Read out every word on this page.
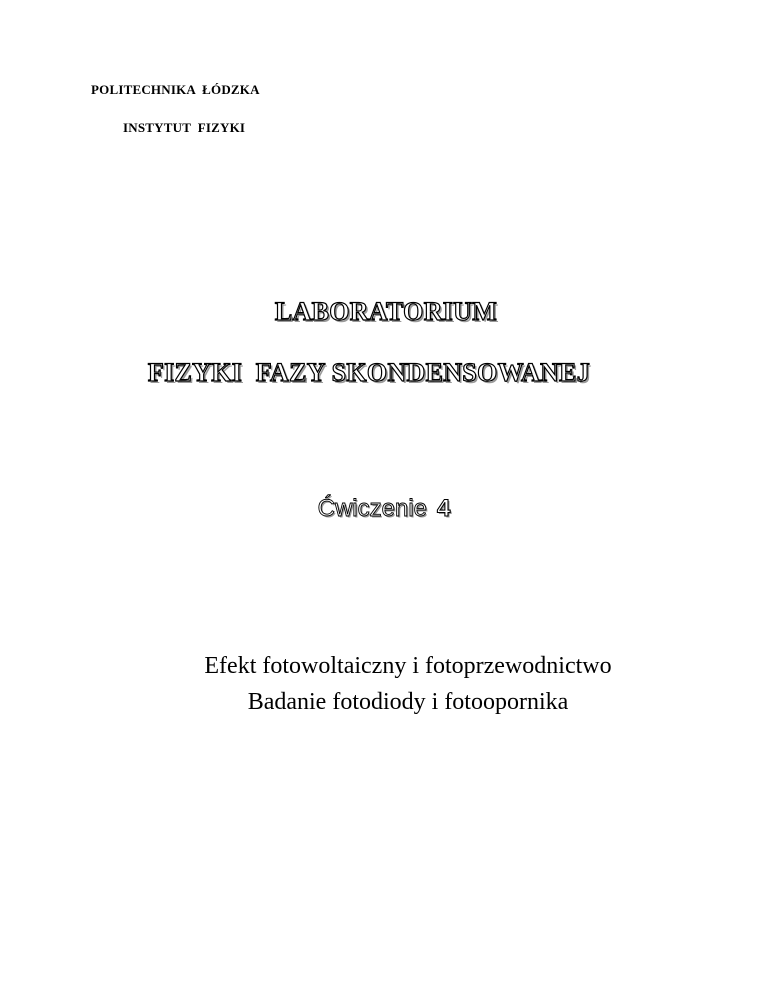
POLITECHNIKA  ŁÓDZKA
INSTYTUT  FIZYKI
LABORATORIUM
FIZYKI  FAZY SKONDENSOWANEJ
Ćwiczenie 4
Efekt fotowoltaiczny i fotoprzewodnictwo
Badanie fotodiody i fotoopornika
